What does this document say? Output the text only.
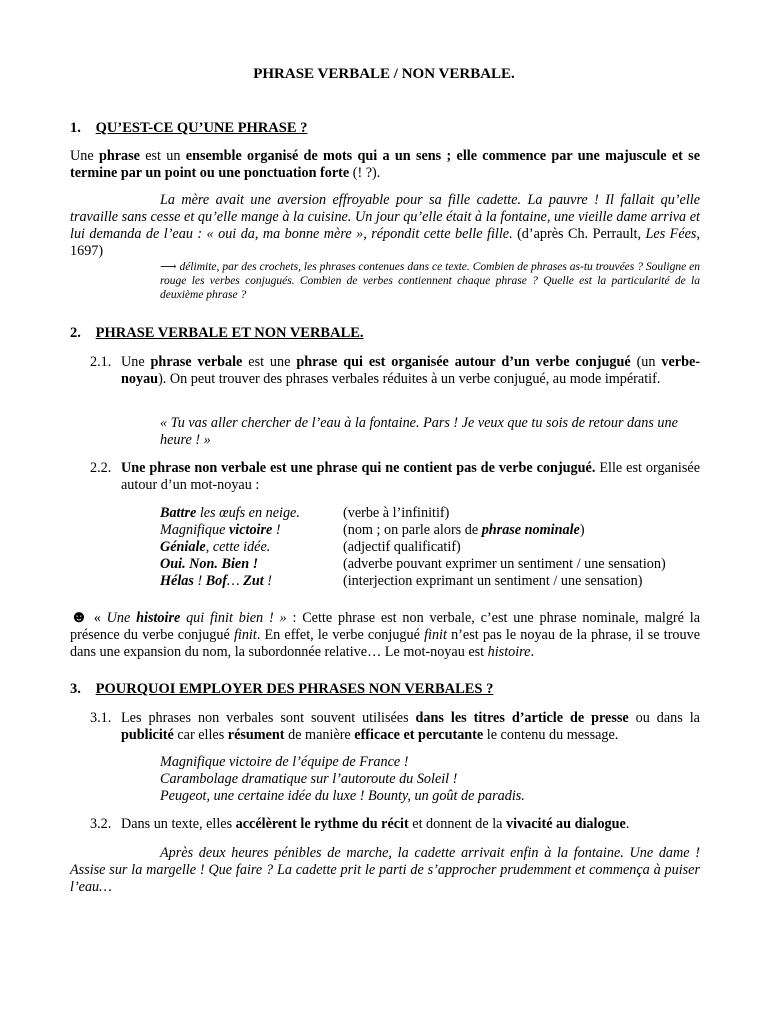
PHRASE VERBALE / NON VERBALE.
1. QU’EST-CE QU’UNE PHRASE ?
Une phrase est un ensemble organisé de mots qui a un sens ; elle commence par une majuscule et se termine par un point ou une ponctuation forte (! ?).
La mère avait une aversion effroyable pour sa fille cadette. La pauvre ! Il fallait qu’elle travaille sans cesse et qu’elle mange à la cuisine. Un jour qu’elle était à la fontaine, une vieille dame arriva et lui demanda de l’eau : « oui da, ma bonne mère », répondit cette belle fille. (d’après Ch. Perrault, Les Fées, 1697)
⟶ délimite, par des crochets, les phrases contenues dans ce texte. Combien de phrases as-tu trouvées ? Souligne en rouge les verbes conjugués. Combien de verbes contiennent chaque phrase ? Quelle est la particularité de la deuxième phrase ?
2. PHRASE VERBALE ET NON VERBALE.
2.1. Une phrase verbale est une phrase qui est organisée autour d’un verbe conjugué (un verbe-noyau). On peut trouver des phrases verbales réduites à un verbe conjugué, au mode impératif.
« Tu vas aller chercher de l’eau à la fontaine. Pars ! Je veux que tu sois de retour dans une heure ! »
2.2. Une phrase non verbale est une phrase qui ne contient pas de verbe conjugué. Elle est organisée autour d’un mot-noyau :
Battre les œufs en neige.	(verbe à l’infinitif)
Magnifique victoire !	(nom ; on parle alors de phrase nominale)
Géniale, cette idée.	(adjectif qualificatif)
Oui. Non. Bien !	(adverbe pouvant exprimer un sentiment / une sensation)
Hélas ! Bof… Zut !	(interjection exprimant un sentiment / une sensation)
☻ « Une histoire qui finit bien ! » : Cette phrase est non verbale, c’est une phrase nominale, malgré la présence du verbe conjugué finit. En effet, le verbe conjugué finit n’est pas le noyau de la phrase, il se trouve dans une expansion du nom, la subordonnée relative… Le mot-noyau est histoire.
3. POURQUOI EMPLOYER DES PHRASES NON VERBALES ?
3.1. Les phrases non verbales sont souvent utilisées dans les titres d’article de presse ou dans la publicité car elles résument de manière efficace et percutante le contenu du message.
Magnifique victoire de l’équipe de France !
Carambolage dramatique sur l’autoroute du Soleil !
Peugeot, une certaine idée du luxe ! Bounty, un goût de paradis.
3.2. Dans un texte, elles accélèrent le rythme du récit et donnent de la vivacité au dialogue.
Après deux heures pénibles de marche, la cadette arrivait enfin à la fontaine. Une dame ! Assise sur la margelle ! Que faire ? La cadette prit le parti de s’approcher prudemment et commença à puiser l’eau…
